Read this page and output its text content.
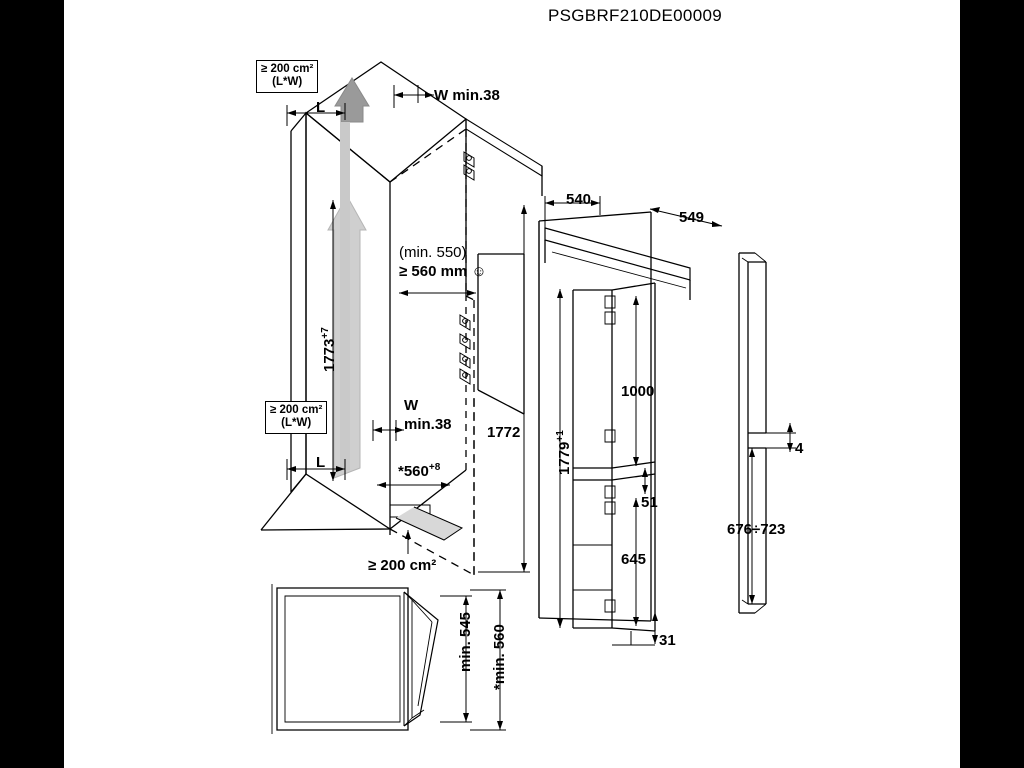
PSGBRF210DE00009
≥ 200 cm²
(L*W)
≥ 200 cm²
(L*W)
(min. 550)
≥ 560 mm ☺
W min.38
L
W
min.38
L
$1773^{+7}$
$*560^{+8}$
≥ 200 cm²
1772
540
549
$1779^{+1}$
1000
51
645
31
4
676÷723
min. 545 *min. 560
